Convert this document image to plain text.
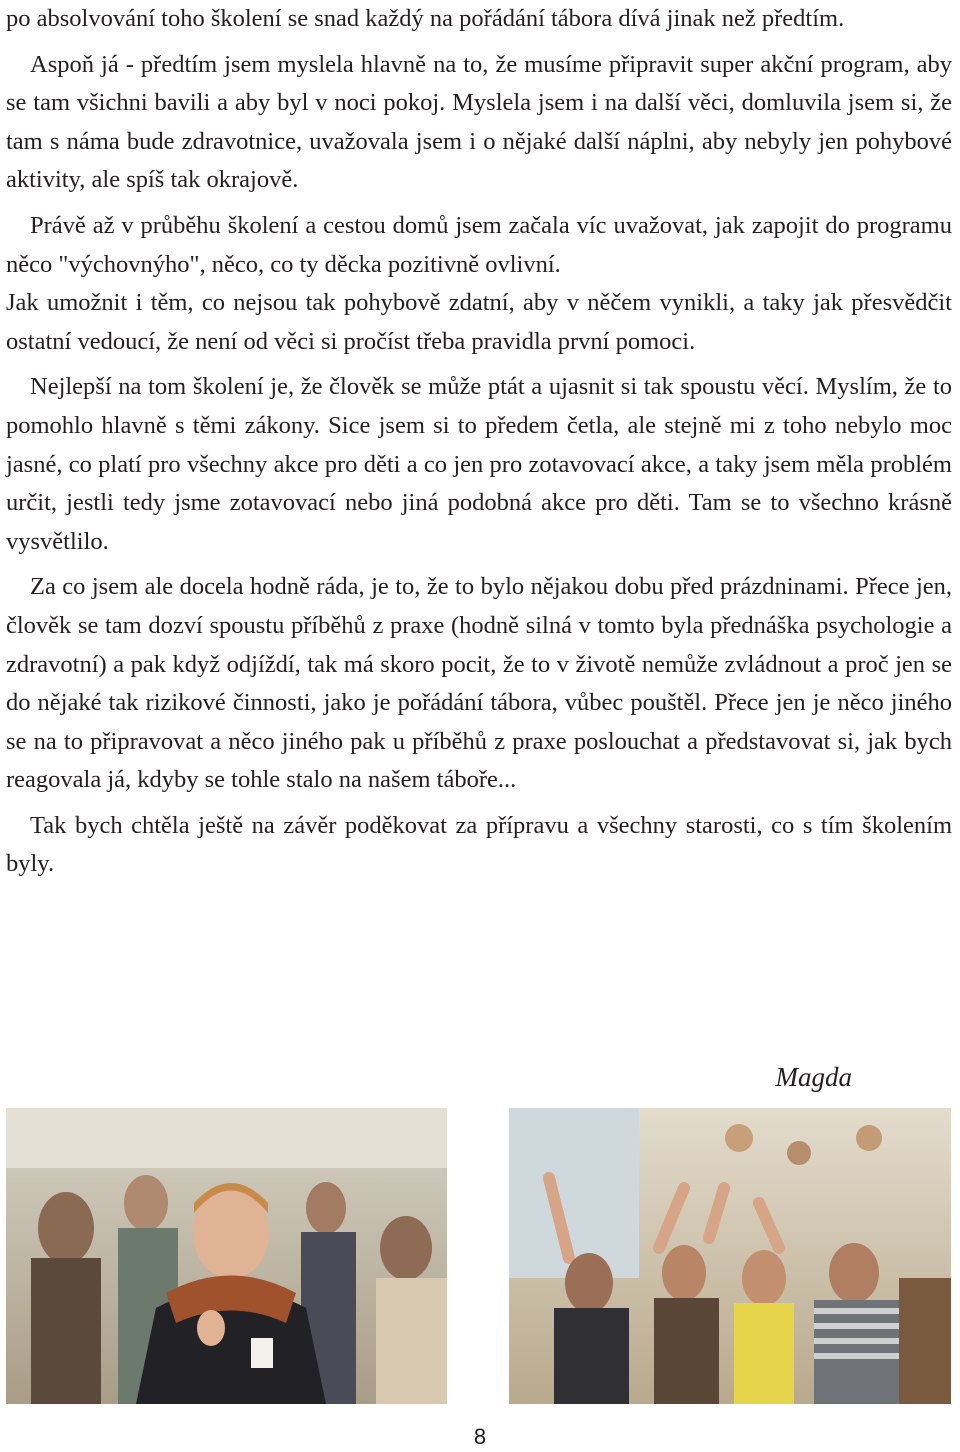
po absolvování toho školení se snad každý na pořádání tábora dívá jinak než předtím.

Aspoň já - předtím jsem myslela hlavně na to, že musíme připravit super akční program, aby se tam všichni bavili a aby byl v noci pokoj. Myslela jsem i na další věci, domluvila jsem si, že tam s náma bude zdravotnice, uvažovala jsem i o nějaké další náplni, aby nebyly jen pohybové aktivity, ale spíš tak okrajově.

Právě až v průběhu školení a cestou domů jsem začala víc uvažovat, jak zapojit do programu něco "výchovnýho", něco, co ty děcka pozitivně ovlivní.

Jak umožnit i těm, co nejsou tak pohybově zdatní, aby v něčem vynikli, a taky jak přesvědčit ostatní vedoucí, že není od věci si pročíst třeba pravidla první pomoci.

Nejlepší na tom školení je, že člověk se může ptát a ujasnit si tak spoustu věcí. Myslím, že to pomohlo hlavně s těmi zákony. Sice jsem si to předem četla, ale stejně mi z toho nebylo moc jasné, co platí pro všechny akce pro děti a co jen pro zotavovací akce, a taky jsem měla problém určit, jestli tedy jsme zotavovací nebo jiná podobná akce pro děti. Tam se to všechno krásně vysvětlilo.

Za co jsem ale docela hodně ráda, je to, že to bylo nějakou dobu před prázdninami. Přece jen, člověk se tam dozví spoustu příběhů z praxe (hodně silná v tomto byla přednáška psychologie a zdravotní) a pak když odjíždí, tak má skoro pocit, že to v životě nemůže zvládnout a proč jen se do nějaké tak rizikové činnosti, jako je pořádání tábora, vůbec pouštěl. Přece jen je něco jiného se na to připravovat a něco jiného pak u příběhů z praxe poslouchat a představovat si, jak bych reagovala já, kdyby se tohle stalo na našem táboře...

Tak bych chtěla ještě na závěr poděkovat za přípravu a všechny starosti, co s tím školením byly.

Magda

8
